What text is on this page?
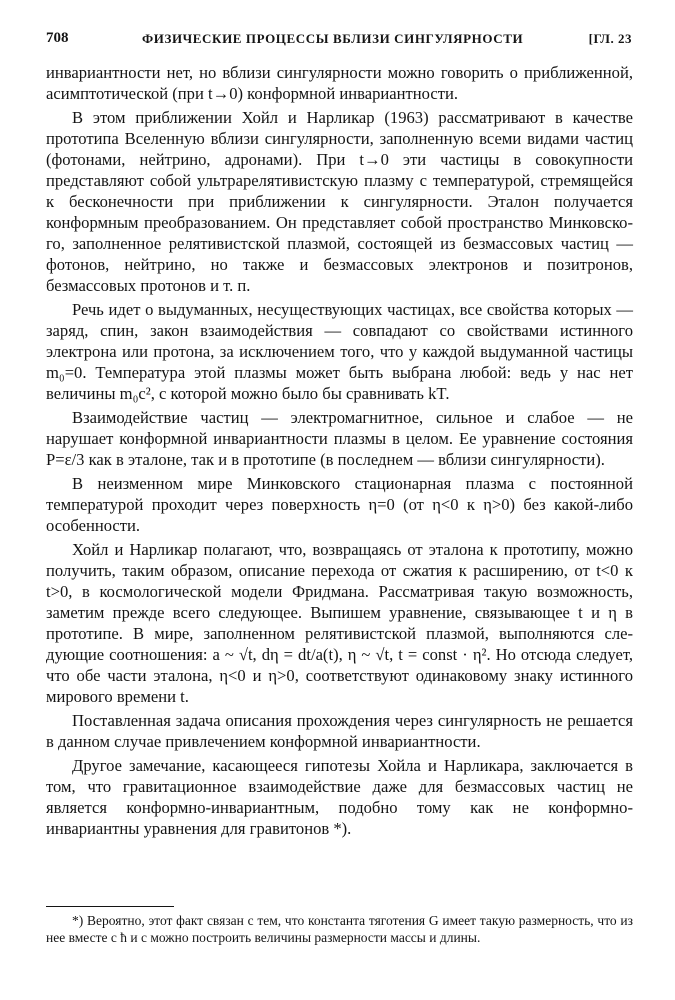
708	ФИЗИЧЕСКИЕ ПРОЦЕССЫ ВБЛИЗИ СИНГУЛЯРНОСТИ	[ГЛ. 23

инвариантности нет, но вблизи сингулярности можно говорить о приближенной, асимптотической (при t→0) конформной инвариантности.

В этом приближении Хойл и Нарликар (1963) рассматривают в качестве прототипа Вселенную вблизи сингулярности, заполненную всеми видами частиц (фотонами, нейтрино, адронами). При t→0 эти частицы в совокупности представляют собой ультрарелятивистскую плазму с температурой, стремящейся к бесконечности при приближении к сингулярности. Эталон получается конформным преобразованием. Он представляет собой пространство Минковского, заполненное релятивистской плазмой, состоящей из безмассовых частиц — фотонов, нейтрино, но также и безмассовых электронов и позитронов, безмассовых протонов и т. п.

Речь идет о выдуманных, несуществующих частицах, все свойства которых — заряд, спин, закон взаимодействия — совпадают со свойствами истинного электрона или протона, за исключением того, что у каждой выдуманной частицы m₀=0. Температура этой плазмы может быть выбрана любой: ведь у нас нет величины m₀c², с которой можно было бы сравнивать kT.

Взаимодействие частиц — электромагнитное, сильное и слабое — не нарушает конформной инвариантности плазмы в целом. Ее уравнение состояния P=ε/3 как в эталоне, так и в прототипе (в последнем — вблизи сингулярности).

В неизменном мире Минковского стационарная плазма с постоянной температурой проходит через поверхность η=0 (от η<0 к η>0) без какой-либо особенности.

Хойл и Нарликар полагают, что, возвращаясь от эталона к прототипу, можно получить, таким образом, описание перехода от сжатия к расширению, от t<0 к t>0, в космологической модели Фридмана. Рассматривая такую возможность, заметим прежде всего следующее. Выпишем уравнение, связывающее t и η в прототипе. В мире, заполненном релятивистской плазмой, выполняются следующие соотношения: a ~ √t, dη = dt/a(t), η ~ √t, t = const · η². Но отсюда следует, что обе части эталона, η<0 и η>0, соответствуют одинаковому знаку истинного мирового времени t.

Поставленная задача описания прохождения через сингулярность не решается в данном случае привлечением конформной инвариантности.

Другое замечание, касающееся гипотезы Хойла и Нарликара, заключается в том, что гравитационное взаимодействие даже для безмассовых частиц не является конформно-инвариантным, подобно тому как не конформно-инвариантны уравнения для гравитонов *).

*) Вероятно, этот факт связан с тем, что константа тяготения G имеет такую размерность, что из нее вместе с ħ и c можно построить величины размерности массы и длины.
